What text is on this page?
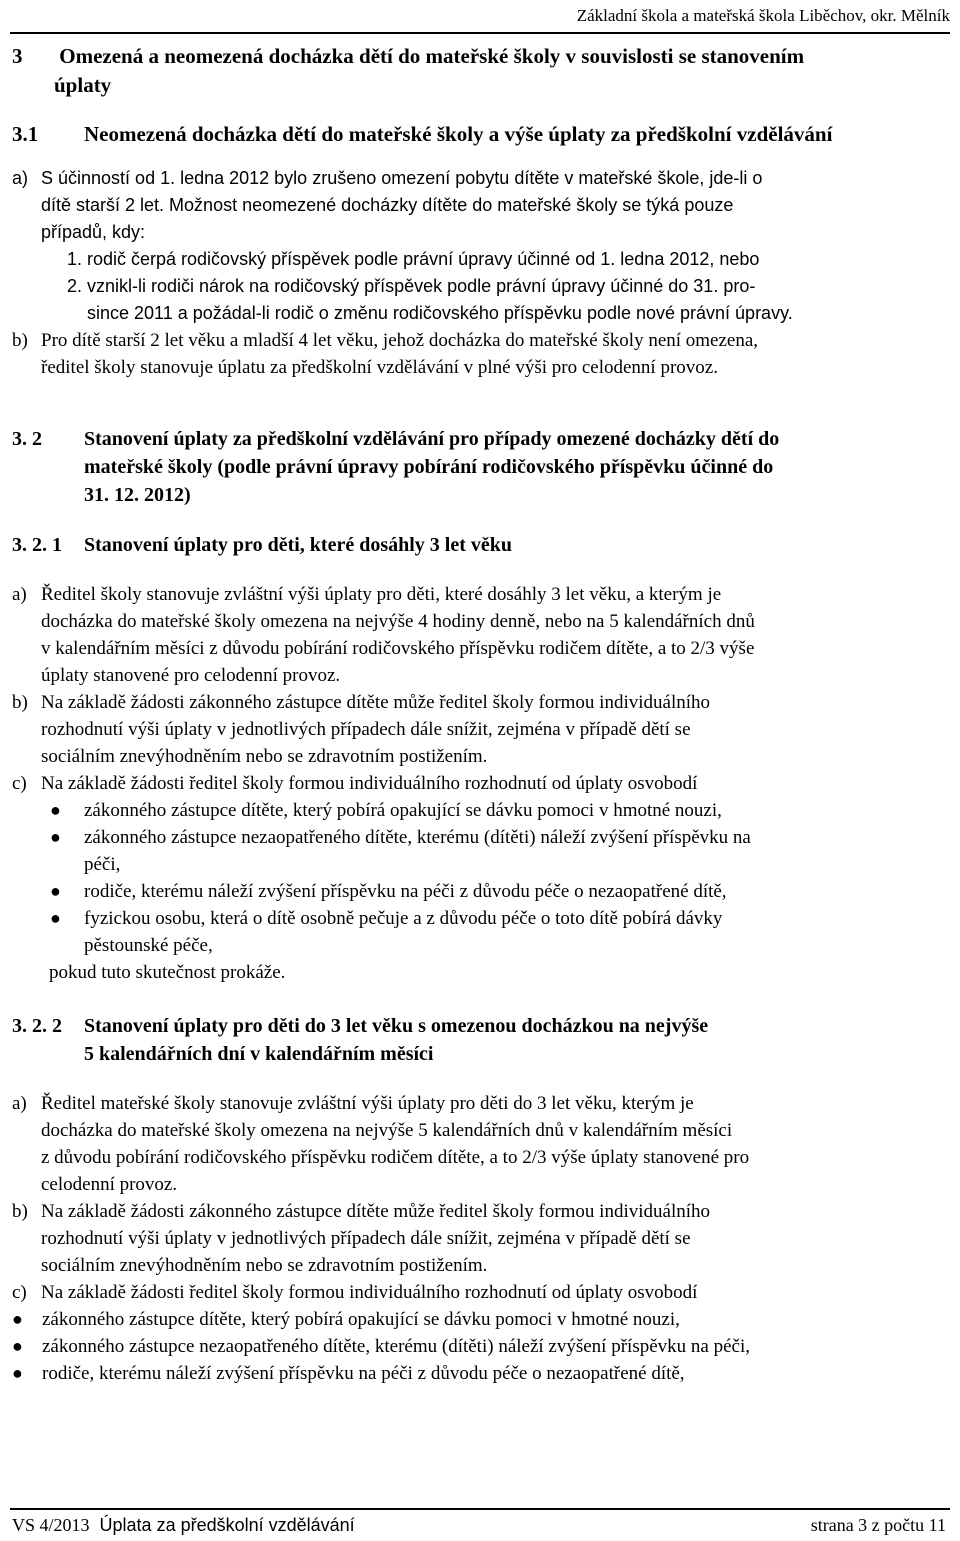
Základní škola a mateřská škola Liběchov, okr. Mělník
3 Omezená a neomezená docházka dětí do mateřské školy v souvislosti se stanovením
úplaty
3.1 Neomezená docházka dětí do mateřské školy a výše úplaty za předškolní vzdělávání
a) S účinností od 1. ledna 2012 bylo zrušeno omezení pobytu dítěte v mateřské škole, jde-li o
dítě starší 2 let. Možnost neomezené docházky dítěte do mateřské školy se týká pouze
případů, kdy:
1. rodič čerpá rodičovský příspěvek podle právní úpravy účinné od 1. ledna 2012, nebo
2. vznikl-li rodiči nárok na rodičovský příspěvek podle právní úpravy účinné do 31. pro-
since 2011 a požádal-li rodič o změnu rodičovského příspěvku podle nové právní úpravy.
b) Pro dítě starší 2 let věku a mladší 4 let věku, jehož docházka do mateřské školy není omezena,
ředitel školy stanovuje úplatu za předškolní vzdělávání v plné výši pro celodenní provoz.
3. 2 Stanovení úplaty za předškolní vzdělávání pro případy omezené docházky dětí do
mateřské školy (podle právní úpravy pobírání rodičovského příspěvku účinné do
31. 12. 2012)
3. 2. 1 Stanovení úplaty pro děti, které dosáhly 3 let věku
a) Ředitel školy stanovuje zvláštní výši úplaty pro děti, které dosáhly 3 let věku, a kterým je
docházka do mateřské školy omezena na nejvýše 4 hodiny denně, nebo na 5 kalendářních dnů
v kalendářním měsíci z důvodu pobírání rodičovského příspěvku rodičem dítěte, a to 2/3 výše
úplaty stanovené pro celodenní provoz.
b) Na základě žádosti zákonného zástupce dítěte může ředitel školy formou individuálního
rozhodnutí výši úplaty v jednotlivých případech dále snížit, zejména v případě dětí se
sociálním znevýhodněním nebo se zdravotním postižením.
c) Na základě žádosti ředitel školy formou individuálního rozhodnutí od úplaty osvobodí
● zákonného zástupce dítěte, který pobírá opakující se dávku pomoci v hmotné nouzi,
● zákonného zástupce nezaopatřeného dítěte, kterému (dítěti) náleží zvýšení příspěvku na
péči,
● rodiče, kterému náleží zvýšení příspěvku na péči z důvodu péče o nezaopatřené dítě,
● fyzickou osobu, která o dítě osobně pečuje a z důvodu péče o toto dítě pobírá dávky
pěstounské péče,
pokud tuto skutečnost prokáže.
3. 2. 2 Stanovení úplaty pro děti do 3 let věku s omezenou docházkou na nejvýše
5 kalendářních dní v kalendářním měsíci
a) Ředitel mateřské školy stanovuje zvláštní výši úplaty pro děti do 3 let věku, kterým je
docházka do mateřské školy omezena na nejvýše 5 kalendářních dnů v kalendářním měsíci
z důvodu pobírání rodičovského příspěvku rodičem dítěte, a to 2/3 výše úplaty stanovené pro
celodenní provoz.
b) Na základě žádosti zákonného zástupce dítěte může ředitel školy formou individuálního
rozhodnutí výši úplaty v jednotlivých případech dále snížit, zejména v případě dětí se
sociálním znevýhodněním nebo se zdravotním postižením.
c) Na základě žádosti ředitel školy formou individuálního rozhodnutí od úplaty osvobodí
● zákonného zástupce dítěte, který pobírá opakující se dávku pomoci v hmotné nouzi,
● zákonného zástupce nezaopatřeného dítěte, kterému (dítěti) náleží zvýšení příspěvku na péči,
● rodiče, kterému náleží zvýšení příspěvku na péči z důvodu péče o nezaopatřené dítě,
VS 4/2013 Úplata za předškolní vzdělávání	strana 3 z počtu 11
